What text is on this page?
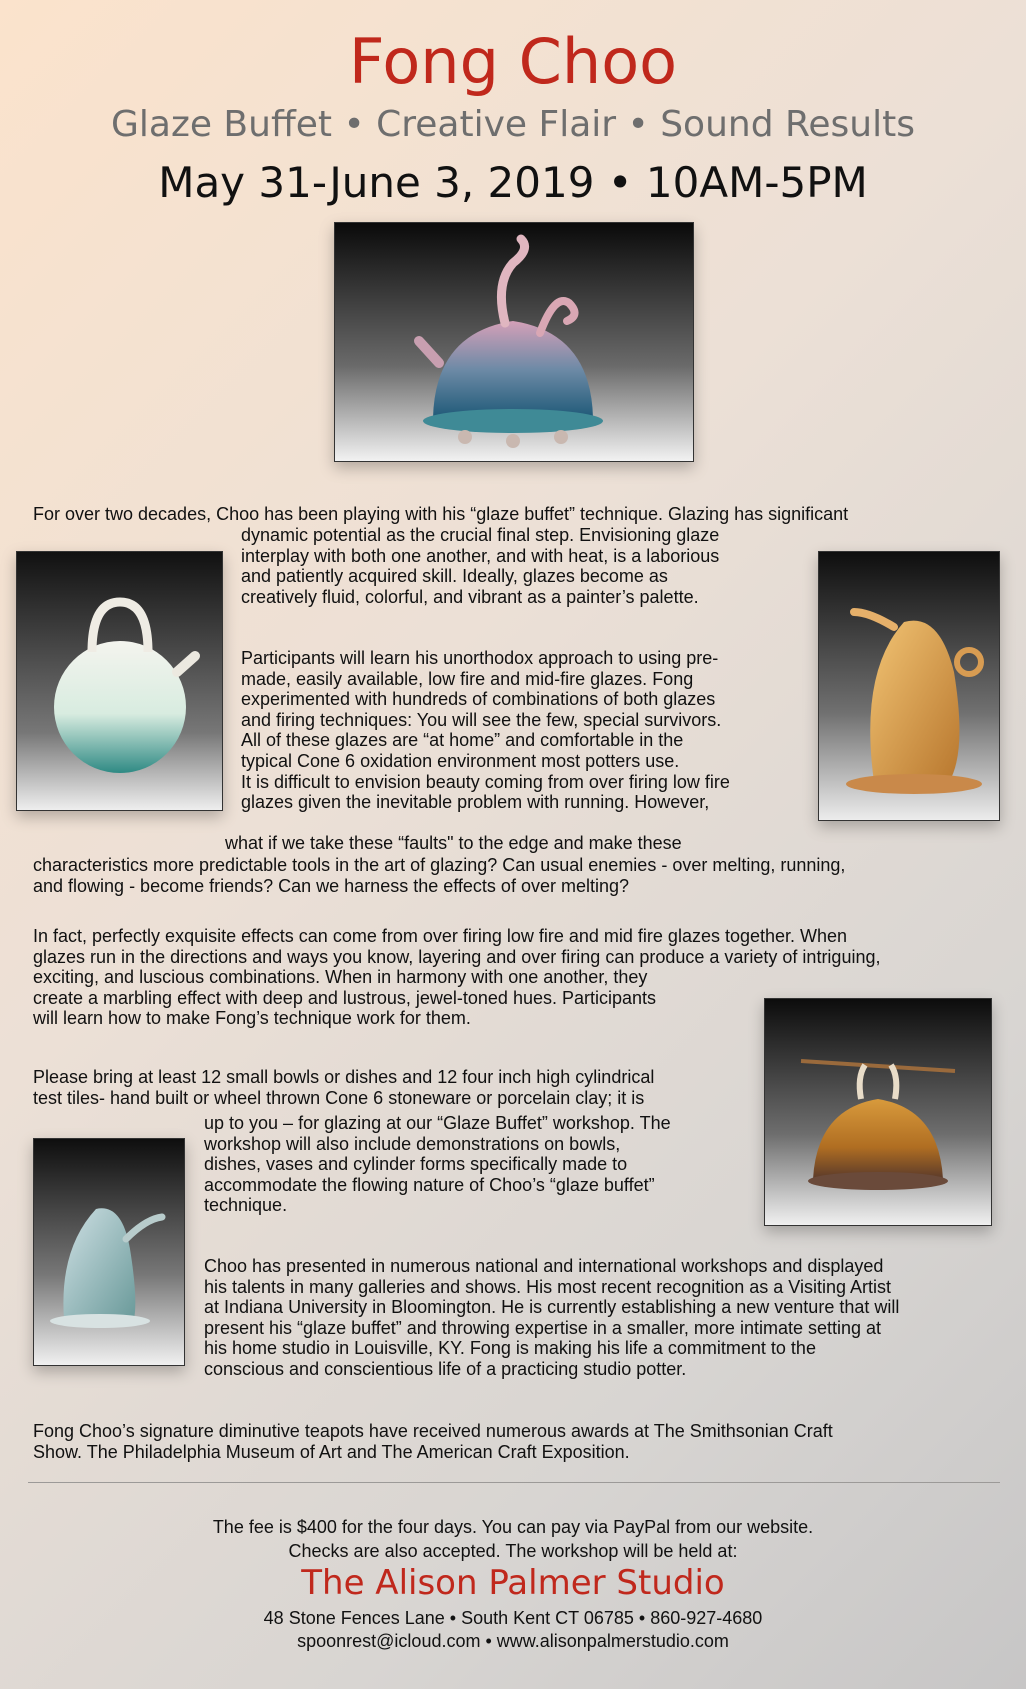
Fong Choo
Glaze Buffet • Creative Flair • Sound Results
May 31-June 3, 2019 • 10AM-5PM
For over two decades, Choo has been playing with his “glaze buffet” technique. Glazing has significant
dynamic potential as the crucial final step. Envisioning glaze
interplay with both one another, and with heat, is a laborious
and patiently acquired skill. Ideally, glazes become as
creatively fluid, colorful, and vibrant as a painter’s palette.
Participants will learn his unorthodox approach to using pre-
made, easily available, low fire and mid-fire glazes. Fong
experimented with hundreds of combinations of both glazes
and firing techniques: You will see the few, special survivors.
All of these glazes are “at home” and comfortable in the
typical Cone 6 oxidation environment most potters use.
It is difficult to envision beauty coming from over firing low fire
glazes given the inevitable problem with running. However,
what if we take these “faults" to the edge and make these
characteristics more predictable tools in the art of glazing? Can usual enemies - over melting, running,
and flowing - become friends? Can we harness the effects of over melting?
In fact, perfectly exquisite effects can come from over firing low fire and mid fire glazes together. When
glazes run in the directions and ways you know, layering and over firing can produce a variety of intriguing,
exciting, and luscious combinations. When in harmony with one another, they
create a marbling effect with deep and lustrous, jewel-toned hues. Participants
will learn how to make Fong’s technique work for them.
Please bring at least 12 small bowls or dishes and 12 four inch high cylindrical
test tiles- hand built or wheel thrown Cone 6 stoneware or porcelain clay; it is
up to you – for glazing at our “Glaze Buffet” workshop. The
workshop will also include demonstrations on bowls,
dishes, vases and cylinder forms specifically made to
accommodate the flowing nature of Choo’s “glaze buffet”
technique.
Choo has presented in numerous national and international workshops and displayed
his talents in many galleries and shows. His most recent recognition as a Visiting Artist
at Indiana University in Bloomington. He is currently establishing a new venture that will
present his “glaze buffet” and throwing expertise in a smaller, more intimate setting at
his home studio in Louisville, KY. Fong is making his life a commitment to the
conscious and conscientious life of a practicing studio potter.
Fong Choo’s signature diminutive teapots have received numerous awards at The Smithsonian Craft
Show. The Philadelphia Museum of Art and The American Craft Exposition.
The fee is $400 for the four days. You can pay via PayPal from our website.
Checks are also accepted. The workshop will be held at:
The Alison Palmer Studio
48 Stone Fences Lane • South Kent CT 06785 • 860-927-4680
spoonrest@icloud.com • www.alisonpalmerstudio.com
